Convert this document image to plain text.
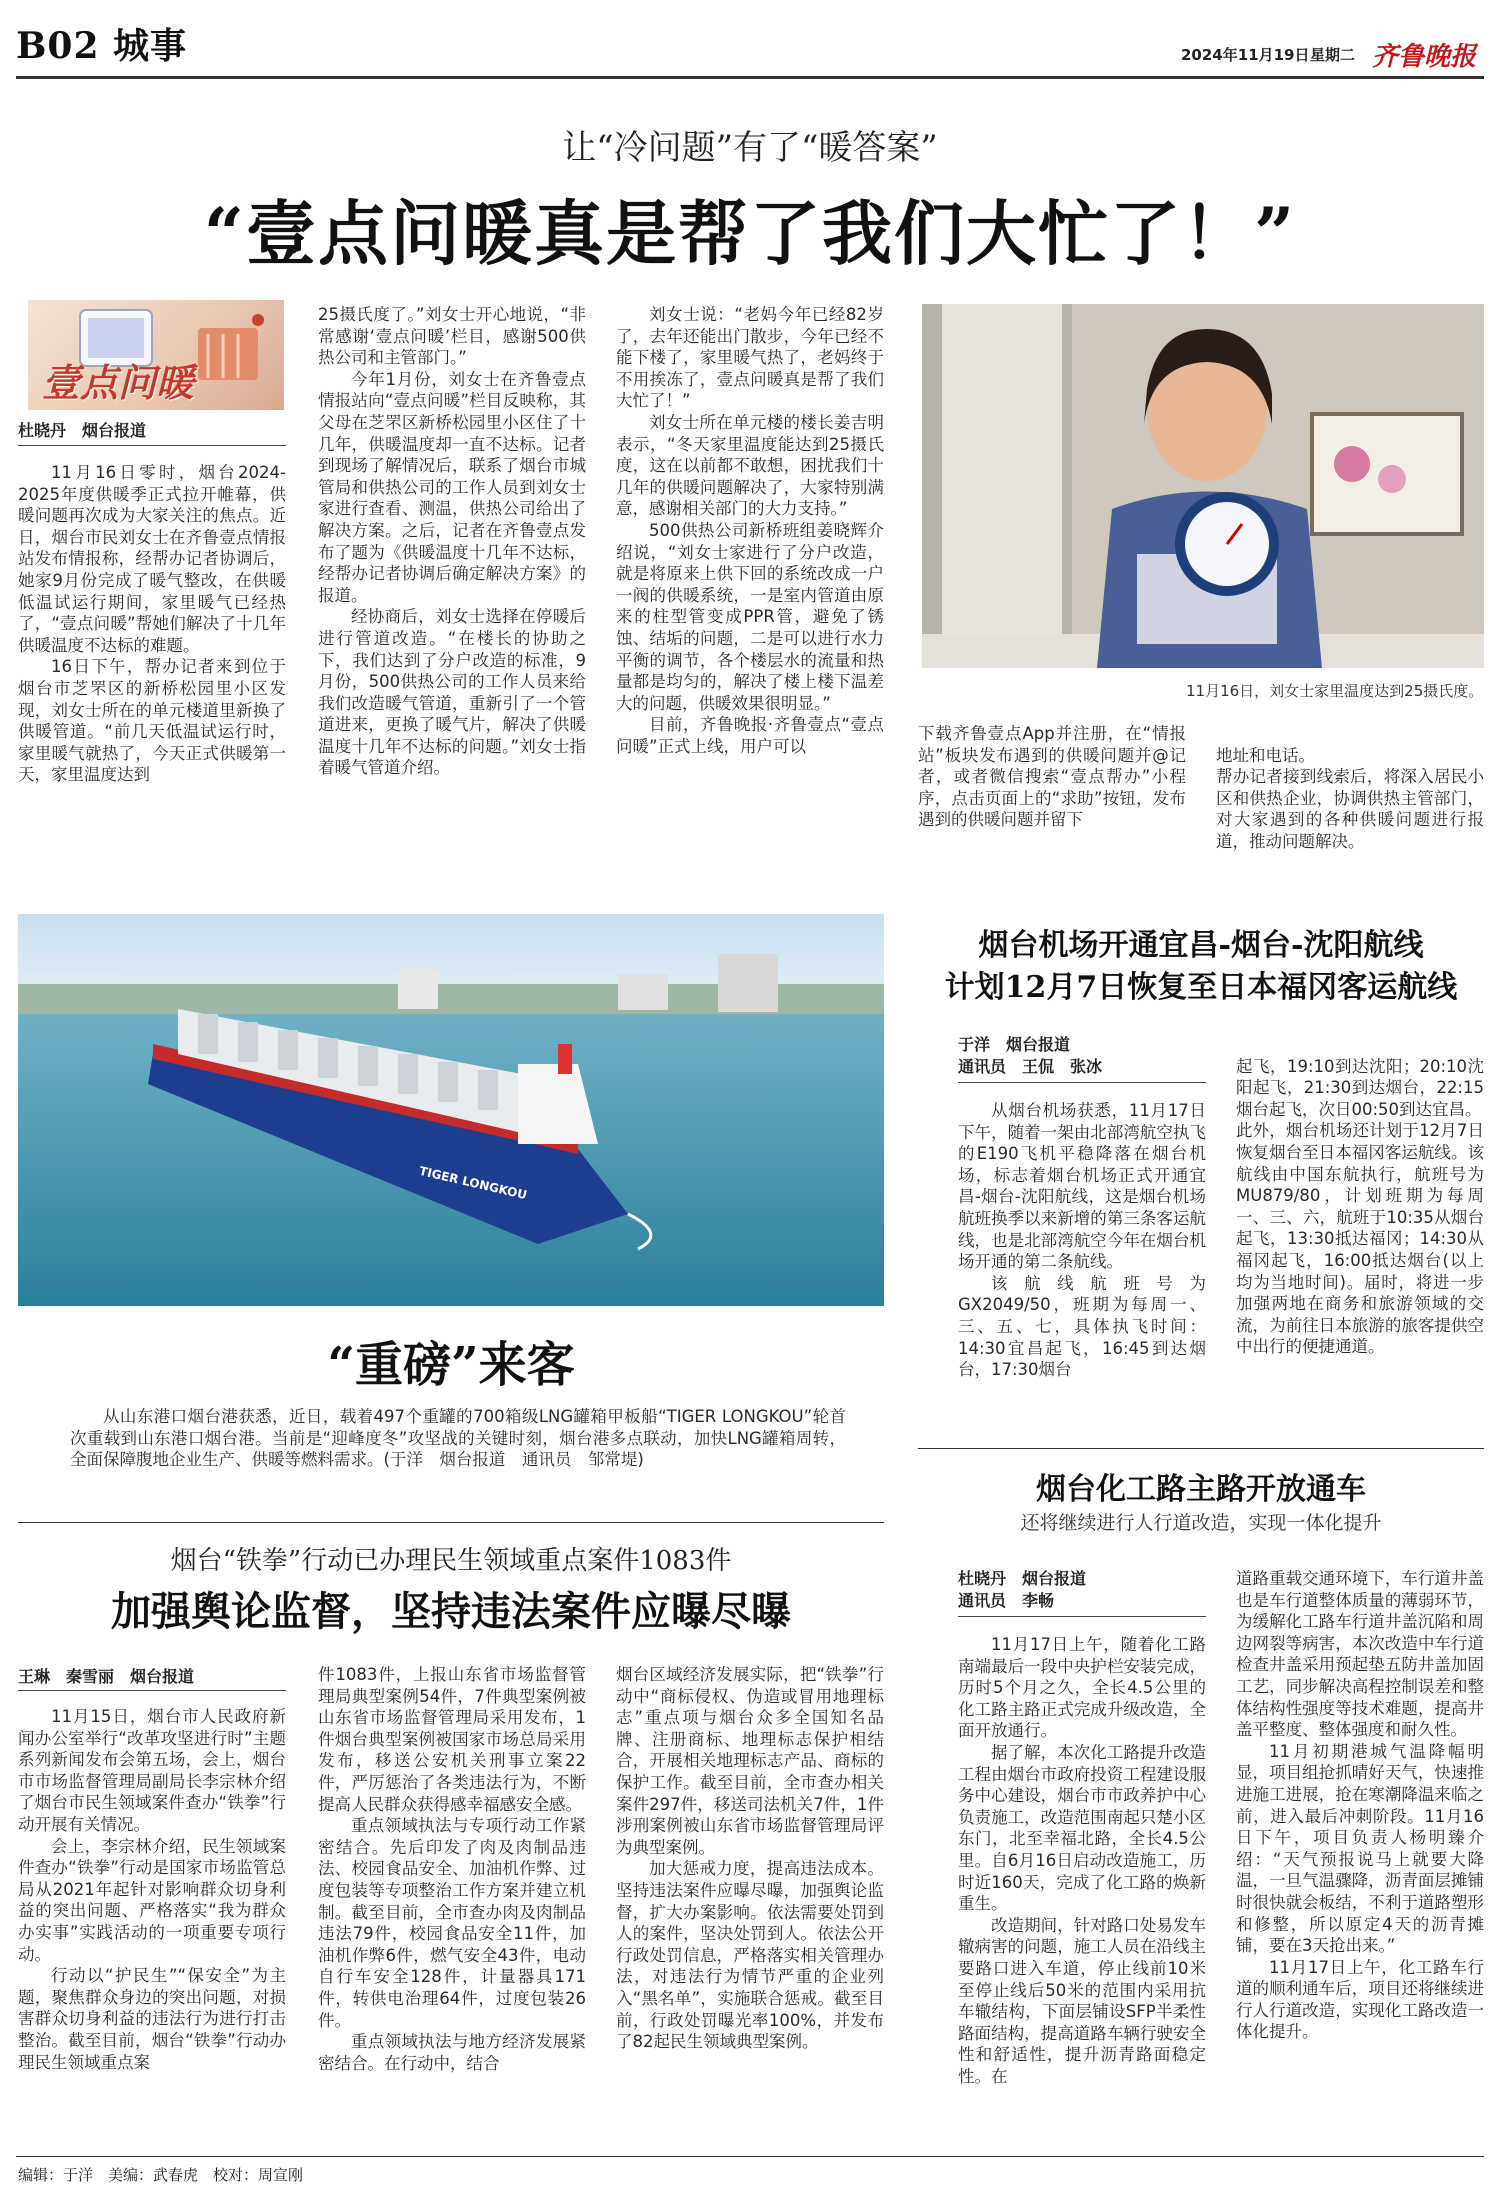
B02 城事	2024年11月19日 星期二 齐鲁晚报
让“冷问题”有了“暖答案”
“壹点问暖真是帮了我们大忙了！”
壹点问暖
杜晓丹　烟台报道

11月16日零时，烟台2024-2025年度供暖季正式拉开帷幕，供暖问题再次成为大家关注的焦点。近日，烟台市民刘女士在齐鲁壹点情报站发布情报称，经帮办记者协调后，她家9月份完成了暖气整改，在供暖低温试运行期间，家里暖气已经热了，“壹点问暖”帮她们解决了十几年供暖温度不达标的难题。

16日下午，帮办记者来到位于烟台市芝罘区的新桥松园里小区发现，刘女士所在的单元楼道里新换了供暖管道。“前几天低温试运行时，家里暖气就热了，今天正式供暖第一天，家里温度达到

25摄氏度了。”刘女士开心地说，“非常感谢‘壹点问暖’栏目，感谢500供热公司和主管部门。”

今年1月份，刘女士在齐鲁壹点情报站向“壹点问暖”栏目反映称，其父母在芝罘区新桥松园里小区住了十几年，供暖温度却一直不达标。记者到现场了解情况后，联系了烟台市城管局和供热公司的工作人员到刘女士家进行查看、测温，供热公司给出了解决方案。之后，记者在齐鲁壹点发布了题为《供暖温度十几年不达标，经帮办记者协调后确定解决方案》的报道。

经协商后，刘女士选择在停暖后进行管道改造。“在楼长的协助之下，我们达到了分户改造的标准，9月份，500供热公司的工作人员来给我们改造暖气管道，重新引了一个管道进来，更换了暖气片，解决了供暖温度十几年不达标的问题。”刘女士指着暖气管道介绍。

刘女士说：“老妈今年已经82岁了，去年还能出门散步，今年已经不能下楼了，家里暖气热了，老妈终于不用挨冻了，壹点问暖真是帮了我们大忙了！”

刘女士所在单元楼的楼长姜吉明表示，“冬天家里温度能达到25摄氏度，这在以前都不敢想，困扰我们十几年的供暖问题解决了，大家特别满意，感谢相关部门的大力支持。”

500供热公司新桥班组姜晓辉介绍说，“刘女士家进行了分户改造，就是将原来上供下回的系统改成一户一阀的供暖系统，一是室内管道由原来的柱型管变成PPR管，避免了锈蚀、结垢的问题，二是可以进行水力平衡的调节，各个楼层水的流量和热量都是均匀的，解决了楼上楼下温差大的问题，供暖效果很明显。”

目前，齐鲁晚报·齐鲁壹点“壹点问暖”正式上线，用户可以

11月16日，刘女士家里温度达到25摄氏度。

下载齐鲁壹点App并注册，在“情报站”板块发布遇到的供暖问题并@记者，或者微信搜索“壹点帮办”小程序，点击页面上的“求助”按钮，发布遇到的供暖问题并留下

地址和电话。
帮办记者接到线索后，将深入居民小区和供热企业，协调供热主管部门，对大家遇到的各种供暖问题进行报道，推动问题解决。

TIGER LONGKOU
“重磅”来客

从山东港口烟台港获悉，近日，载着497个重罐的700箱级LNG罐箱甲板船“TIGER LONGKOU”轮首次重载到山东港口烟台港。当前是“迎峰度冬”攻坚战的关键时刻，烟台港多点联动，加快LNG罐箱周转，全面保障腹地企业生产、供暖等燃料需求。(于洋　烟台报道　通讯员　邹常堤)

烟台机场开通宜昌-烟台-沈阳航线
计划12月7日恢复至日本福冈客运航线
于洋　烟台报道
通讯员　王侃　张冰

从烟台机场获悉，11月17日下午，随着一架由北部湾航空执飞的E190飞机平稳降落在烟台机场，标志着烟台机场正式开通宜昌-烟台-沈阳航线，这是烟台机场航班换季以来新增的第三条客运航线，也是北部湾航空今年在烟台机场开通的第二条航线。

该航线航班号为GX2049/50，班期为每周一、三、五、七，具体执飞时间：14:30宜昌起飞，16:45到达烟台，17:30烟台

起飞，19:10到达沈阳；20:10沈阳起飞，21:30到达烟台，22:15烟台起飞，次日00:50到达宜昌。
此外，烟台机场还计划于12月7日恢复烟台至日本福冈客运航线。该航线由中国东航执行，航班号为MU879/80，计划班期为每周一、三、六，航班于10:35从烟台起飞，13:30抵达福冈；14:30从福冈起飞，16:00抵达烟台(以上均为当地时间)。届时，将进一步加强两地在商务和旅游领域的交流，为前往日本旅游的旅客提供空中出行的便捷通道。

烟台“铁拳”行动已办理民生领域重点案件1083件
加强舆论监督，坚持违法案件应曝尽曝
王琳　秦雪丽　烟台报道

11月15日，烟台市人民政府新闻办公室举行“改革攻坚进行时”主题系列新闻发布会第五场，会上，烟台市市场监督管理局副局长李宗林介绍了烟台市民生领域案件查办“铁拳”行动开展有关情况。

会上，李宗林介绍，民生领域案件查办“铁拳”行动是国家市场监管总局从2021年起针对影响群众切身利益的突出问题、严格落实“我为群众办实事”实践活动的一项重要专项行动。

行动以“护民生”“保安全”为主题，聚焦群众身边的突出问题，对损害群众切身利益的违法行为进行打击整治。截至目前，烟台“铁拳”行动办理民生领域重点案

件1083件，上报山东省市场监督管理局典型案例54件，7件典型案例被山东省市场监督管理局采用发布，1件烟台典型案例被国家市场总局采用发布，移送公安机关刑事立案22件，严厉惩治了各类违法行为，不断提高人民群众获得感幸福感安全感。

重点领域执法与专项行动工作紧密结合。先后印发了肉及肉制品违法、校园食品安全、加油机作弊、过度包装等专项整治工作方案并建立机制。截至目前，全市查办肉及肉制品违法79件，校园食品安全11件，加油机作弊6件，燃气安全43件，电动自行车安全128件，计量器具171件，转供电治理64件，过度包装26件。

重点领域执法与地方经济发展紧密结合。在行动中，结合

烟台区域经济发展实际，把“铁拳”行动中“商标侵权、伪造或冒用地理标志”重点项与烟台众多全国知名品牌、注册商标、地理标志保护相结合，开展相关地理标志产品、商标的保护工作。截至目前，全市查办相关案件297件，移送司法机关7件，1件涉刑案例被山东省市场监督管理局评为典型案例。

加大惩戒力度，提高违法成本。坚持违法案件应曝尽曝，加强舆论监督，扩大办案影响。依法需要处罚到人的案件，坚决处罚到人。依法公开行政处罚信息，严格落实相关管理办法，对违法行为情节严重的企业列入“黑名单”，实施联合惩戒。截至目前，行政处罚曝光率100%，并发布了82起民生领域典型案例。

烟台化工路主路开放通车
还将继续进行人行道改造，实现一体化提升
杜晓丹　烟台报道
通讯员　李畅

11月17日上午，随着化工路南端最后一段中央护栏安装完成，历时5个月之久，全长4.5公里的化工路主路正式完成升级改造，全面开放通行。

据了解，本次化工路提升改造工程由烟台市政府投资工程建设服务中心建设，烟台市市政养护中心负责施工，改造范围南起只楚小区东门，北至幸福北路，全长4.5公里。自6月16日启动改造施工，历时近160天，完成了化工路的焕新重生。

改造期间，针对路口处易发车辙病害的问题，施工人员在沿线主要路口进入车道，停止线前10米至停止线后50米的范围内采用抗车辙结构，下面层铺设SFP半柔性路面结构，提高道路车辆行驶安全性和舒适性，提升沥青路面稳定性。在

道路重载交通环境下，车行道井盖也是车行道整体质量的薄弱环节，为缓解化工路车行道井盖沉陷和周边网裂等病害，本次改造中车行道检查井盖采用预起垫五防井盖加固工艺，同步解决高程控制误差和整体结构性强度等技术难题，提高井盖平整度、整体强度和耐久性。

11月初期港城气温降幅明显，项目组抢抓晴好天气，快速推进施工进展，抢在寒潮降温来临之前，进入最后冲刺阶段。11月16日下午，项目负责人杨明臻介绍：“天气预报说马上就要大降温，一旦气温骤降，沥青面层摊铺时很快就会板结，不利于道路塑形和修整，所以原定4天的沥青摊铺，要在3天抢出来。”

11月17日上午，化工路车行道的顺利通车后，项目还将继续进行人行道改造，实现化工路改造一体化提升。

编辑：于洋　美编：武春虎　校对：周宣刚
